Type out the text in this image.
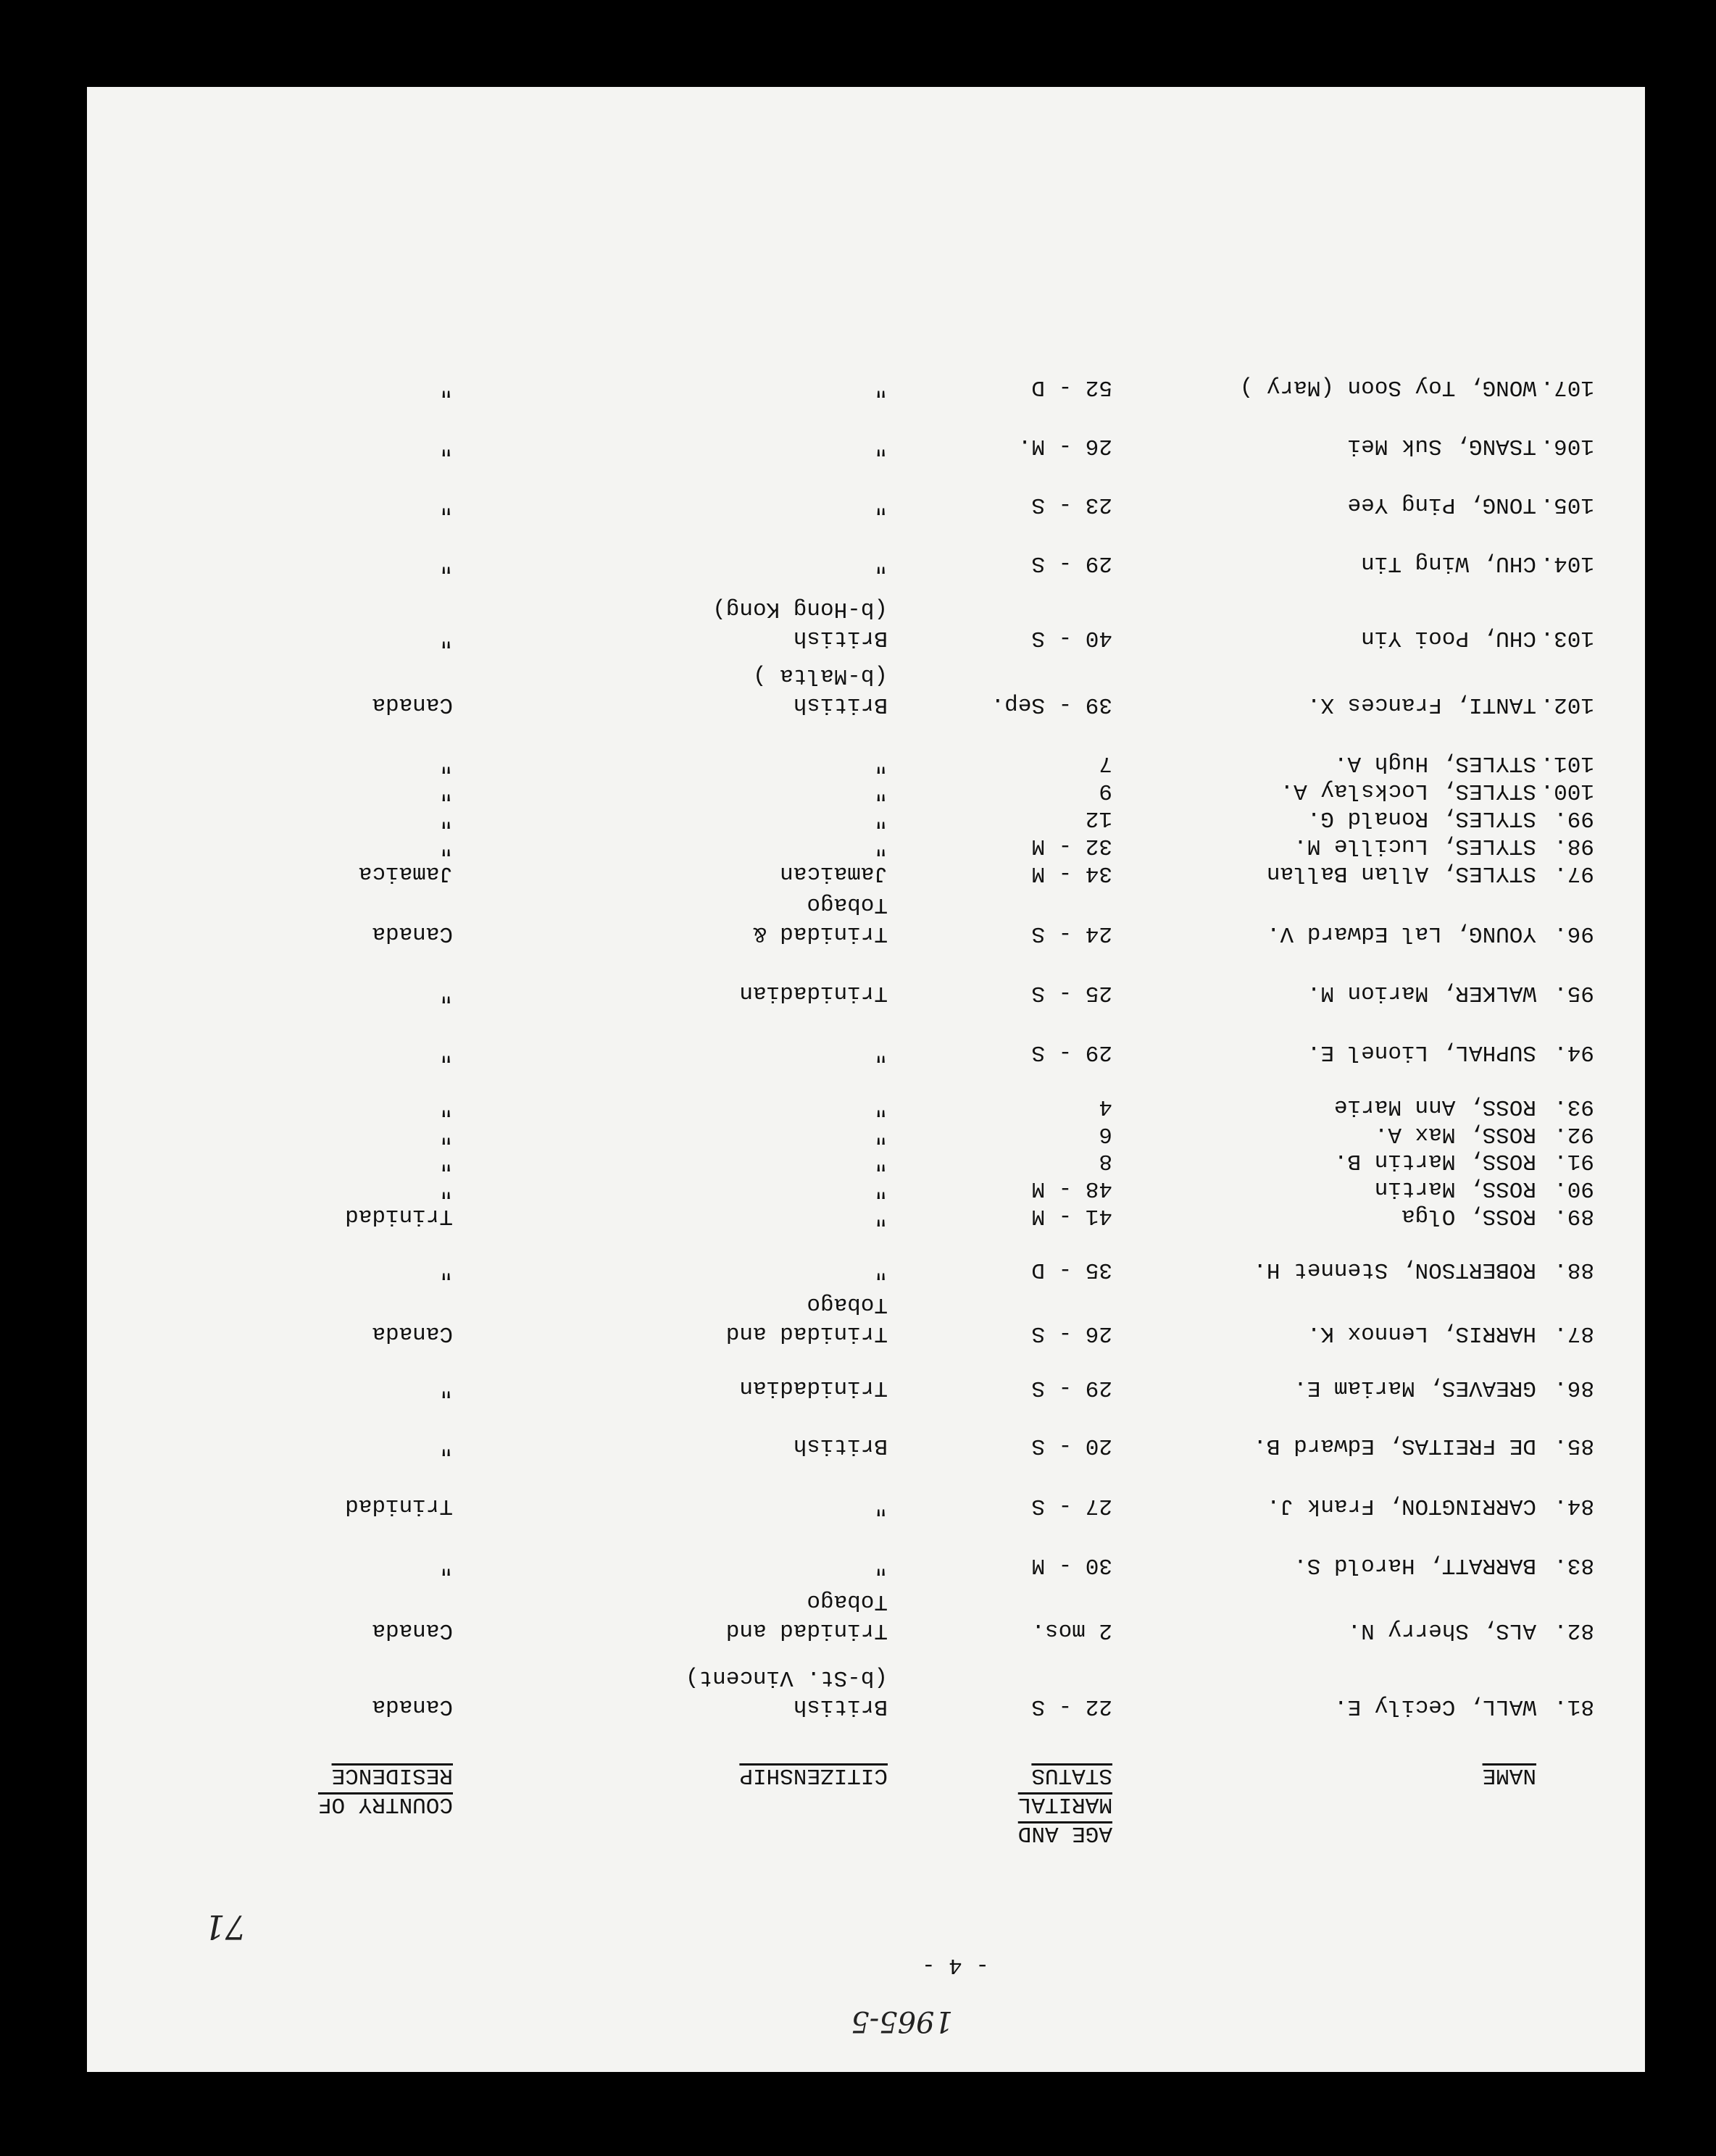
1965-5
- 4 -
71
NAME
AGE AND
MARITAL
STATUS
CITIZENSHIP
COUNTRY OF
RESIDENCE
81.
WALL, Cecily E.
22 - S
British
(b-St. Vincent)
Canada
82.
ALS, Sherry N.
2 mos.
Trinidad and
Tobago
Canada
83.
BARRATT, Harold S.
30 - M
"
"
84.
CARRINGTON, Frank J.
27 - S
"
Trinidad
85.
DE FREITAS, Edward B.
20 - S
British
"
86.
GREAVES, Mariam E.
29 - S
Trinidadian
"
87.
HARRIS, Lennox K.
26 - S
Trinidad and
Tobago
Canada
88.
ROBERTSON, Stennet H.
35 - D
"
"
89.
ROSS, Olga
41 - M
"
Trinidad
90.
ROSS, Martin
48 - M
"
"
91.
ROSS, Martin B.
8
"
"
92.
ROSS, Max A.
6
"
"
93.
ROSS, Ann Marie
4
"
"
94.
SUPHAL, Lionel E.
29 - S
"
"
95.
WALKER, Marion M.
25 - S
Trinidadian
"
96.
YOUNG, Lal Edward V.
24 - S
Trinidad &
Tobago
Canada
97.
STYLES, Allan Ballan
34 - M
Jamaican
Jamaica
98.
STYLES, Lucille M.
32 - M
"
"
99.
STYLES, Ronald G.
12
"
"
100.
STYLES, Lockslay A.
9
"
"
101.
STYLES, Hugh A.
7
"
"
102.
TANTI, Frances X.
39 - Sep.
British
(b-Malta )
Canada
103.
CHU, Pooi Yin
40 - S
British
(b-Hong Kong)
"
104.
CHU, Wing Tin
29 - S
"
"
105.
TONG, Ping Yee
23 - S
"
"
106.
TSANG, Suk Mei
26 - M.
"
"
107.
WONG, Toy Soon (Mary )
52 - D
"
"
